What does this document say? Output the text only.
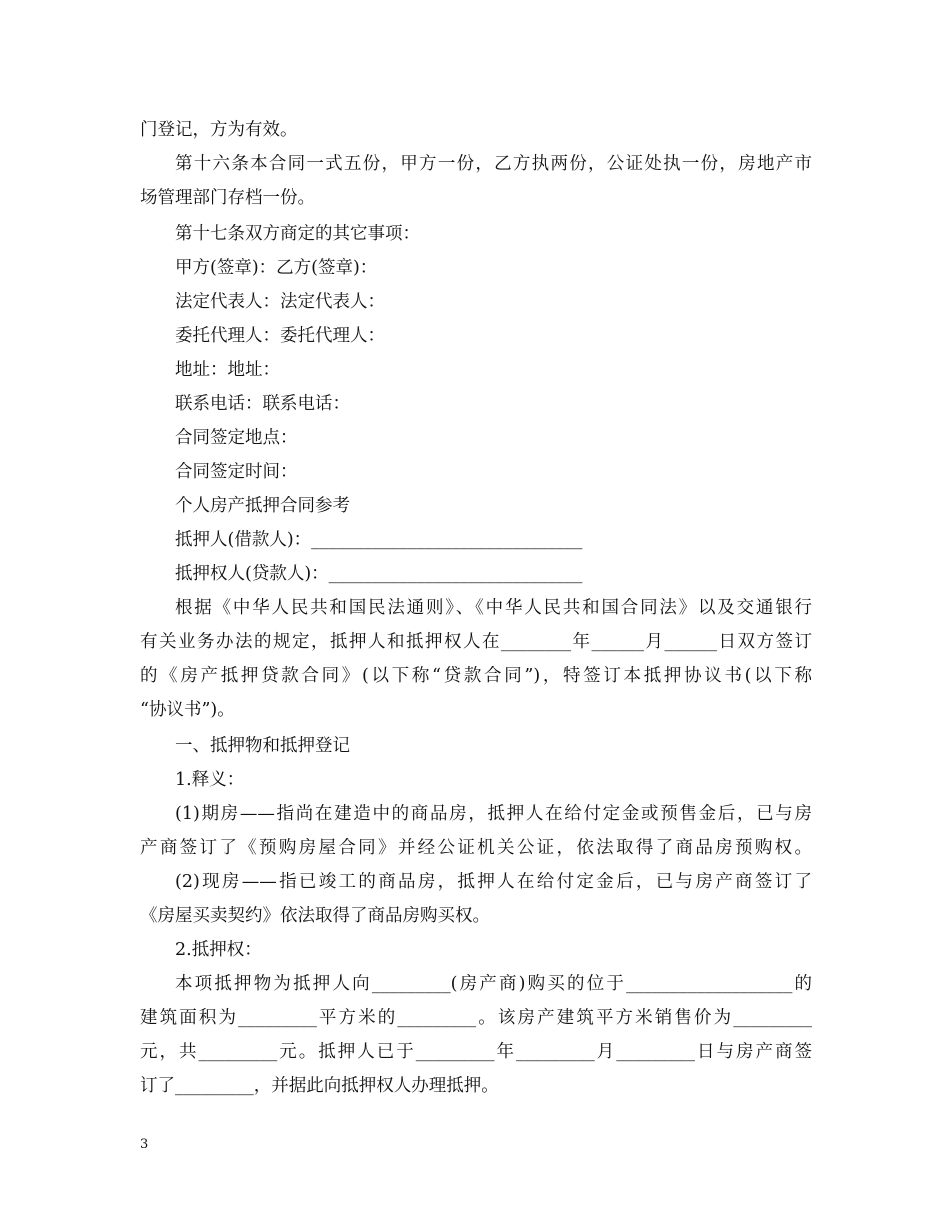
门登记，方为有效。
第十六条本合同一式五份，甲方一份，乙方执两份，公证处执一份，房地产市
场管理部门存档一份。
第十七条双方商定的其它事项：
甲方(签章)：乙方(签章)：
法定代表人：法定代表人：
委托代理人：委托代理人：
地址：地址：
联系电话：联系电话：
合同签定地点：
合同签定时间：
个人房产抵押合同参考
抵押人(借款人)：_______________________________
抵押权人(贷款人)：_____________________________
根据《中华人民共和国民法通则》、《中华人民共和国合同法》以及交通银行
有关业务办法的规定，抵押人和抵押权人在________年______月______日双方签订
的《房产抵押贷款合同》(以下称“贷款合同”)，特签订本抵押协议书(以下称
“协议书”)。
一、抵押物和抵押登记
1.释义：
(1)期房——指尚在建造中的商品房，抵押人在给付定金或预售金后，已与房
产商签订了《预购房屋合同》并经公证机关公证，依法取得了商品房预购权。
(2)现房——指已竣工的商品房，抵押人在给付定金后，已与房产商签订了
《房屋买卖契约》依法取得了商品房购买权。
2.抵押权：
本项抵押物为抵押人向_________(房产商)购买的位于___________________的
建筑面积为_________平方米的_________。该房产建筑平方米销售价为_________
元，共_________元。抵押人已于_________年_________月_________日与房产商签
订了_________，并据此向抵押权人办理抵押。
3
